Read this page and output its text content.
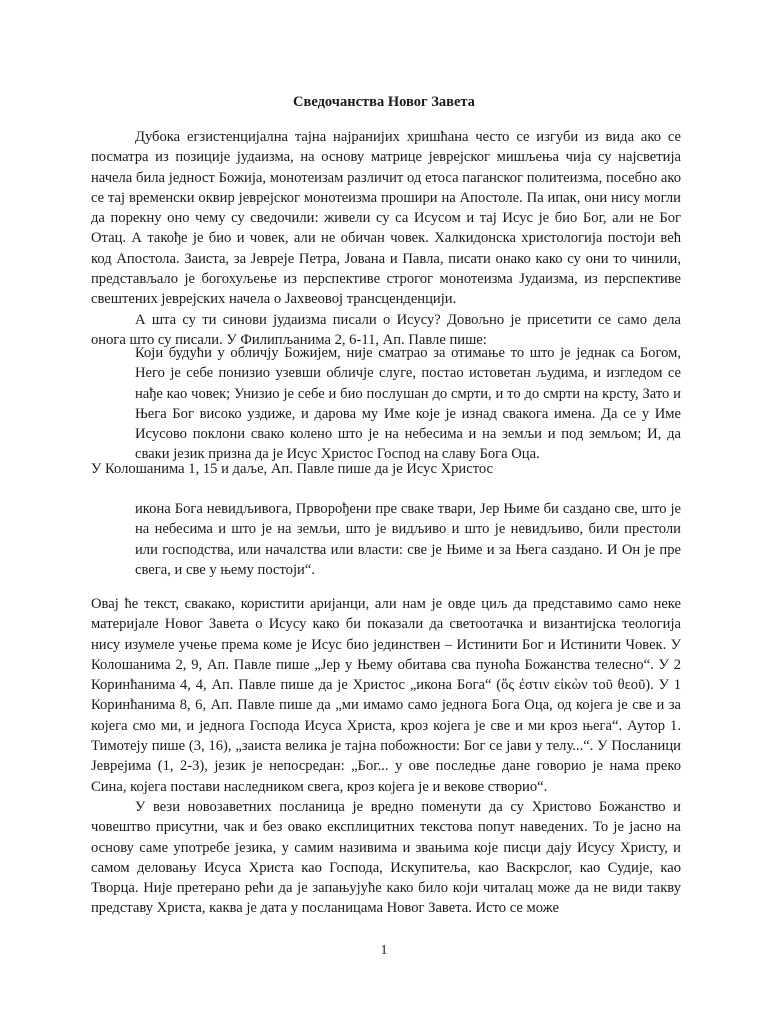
Сведочанства Новог Завета

Дубока егзистенцијална тајна најранијих хришћана често се изгуби из вида ако се посматра из позиције јудаизма, на основу матрице јеврејског мишљења чија су најсветија начела била једност Божија, монотеизам различит од етоса паганског политеизма, посебно ако се тај временски оквир јеврејског монотеизма прошири на Апостоле. Па ипак, они нису могли да порекну оно чему су сведочили: живели су са Исусом и тај Исус је био Бог, али не Бог Отац. А такође је био и човек, али не обичан човек. Халкидонска христологија постоји већ код Апостола. Заиста, за Јевреје Петра, Јована и Павла, писати онако како су они то чинили, представљало је богохуљење из перспективе строгог монотеизма Јудаизма, из перспективе свештених јеврејских начела о Јахвеовој трансценденцији.

А шта су ти синови јудаизма писали о Исусу? Довољно је присетити се само дела онога што су писали. У Филипљанима 2, 6-11, Ап. Павле пише:

Који будући у обличју Божијем, није сматрао за отимање то што је једнак са Богом, Него је себе понизио узевши обличје слуге, постао истоветан људима, и изгледом се нађе као човек; Унизио је себе и био послушан до смрти, и то до смрти на крсту, Зато и Њега Бог високо уздиже, и дарова му Име које је изнад свакога имена. Да се у Име Исусово поклони свако колено што је на небесима и на земљи и под земљом; И, да сваки језик призна да је Исус Христос Господ на славу Бога Оца.

У Колошанима 1, 15 и даље, Ап. Павле пише да је Исус Христос

икона Бога невидљивога, Прворођени пре сваке твари, Јер Њиме би саздано све, што је на небесима и што је на земљи, што је видљиво и што је невидљиво, били престоли или господства, или началства или власти: све је Њиме и за Њега саздано. И Он је пре свега, и све у њему постоји“.

Овај ће текст, свакако, користити аријанци, али нам је овде циљ да представимо само неке материјале Новог Завета о Исусу како би показали да светоотачка и византијска теологија нису изумеле учење према коме је Исус био јединствен – Истинити Бог и Истинити Човек. У Колошанима 2, 9, Ап. Павле пише „Јер у Њему обитава сва пуноћа Божанства телесно“. У 2 Коринћанима 4, 4, Ап. Павле пише да је Христос „икона Бога“ (ὅς ἐστιν εἰκὼν τοῦ θεοῦ). У 1 Коринћанима 8, 6, Ап. Павле пише да „ми имамо само једнога Бога Оца, од којега је све и за којега смо ми, и једнога Господа Исуса Христа, кроз којега је све и ми кроз њега“. Аутор 1. Тимотеју пише (3, 16), „заиста велика је тајна побожности: Бог се јави у телу...“. У Посланици Јеврејима (1, 2-3), језик је непосредан: „Бог... у ове последње дане говорио је нама преко Сина, којега постави наследником свега, кроз којега је и векове створио“.

У вези новозаветних посланица је вредно поменути да су Христово Божанство и човештво присутни, чак и без овако експлицитних текстова попут наведених. То је јасно на основу саме употребе језика, у самим називима и звањима које писци дају Исусу Христу, и самом деловању Исуса Христа као Господа, Искупитеља, као Васкрслог, као Судије, као Творца. Није претерано рећи да је запањујуће како било који читалац може да не види такву представу Христа, каква је дата у посланицама Новог Завета. Исто се може

1
